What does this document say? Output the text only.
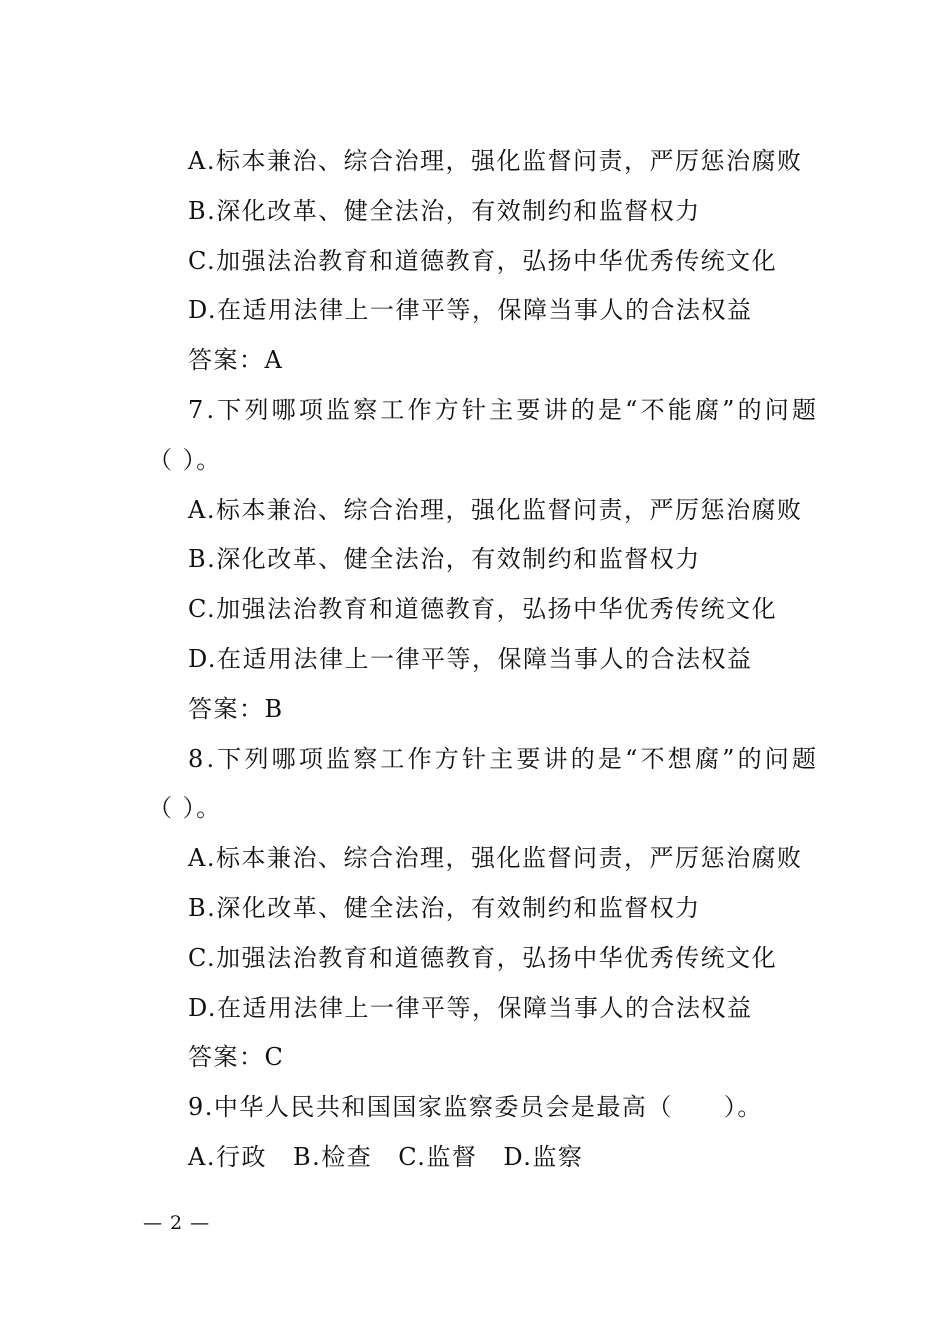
A.标本兼治、综合治理，强化监督问责，严厉惩治腐败
B.深化改革、健全法治，有效制约和监督权力
C.加强法治教育和道德教育，弘扬中华优秀传统文化
D.在适用法律上一律平等，保障当事人的合法权益
答案：A
7 . 下 列 哪 项 监 察 工 作 方 针 主 要 讲 的 是 “ 不 能 腐 ” 的 问 题
（ ）。
A.标本兼治、综合治理，强化监督问责，严厉惩治腐败
B.深化改革、健全法治，有效制约和监督权力
C.加强法治教育和道德教育，弘扬中华优秀传统文化
D.在适用法律上一律平等，保障当事人的合法权益
答案：B
8 . 下 列 哪 项 监 察 工 作 方 针 主 要 讲 的 是 “ 不 想 腐 ” 的 问 题
（ ）。
A.标本兼治、综合治理，强化监督问责，严厉惩治腐败
B.深化改革、健全法治，有效制约和监督权力
C.加强法治教育和道德教育，弘扬中华优秀传统文化
D.在适用法律上一律平等，保障当事人的合法权益
答案：C
9.中华人民共和国国家监察委员会是最高（　　）。
A.行政 B.检查 C.监督 D.监察
— 2 —
